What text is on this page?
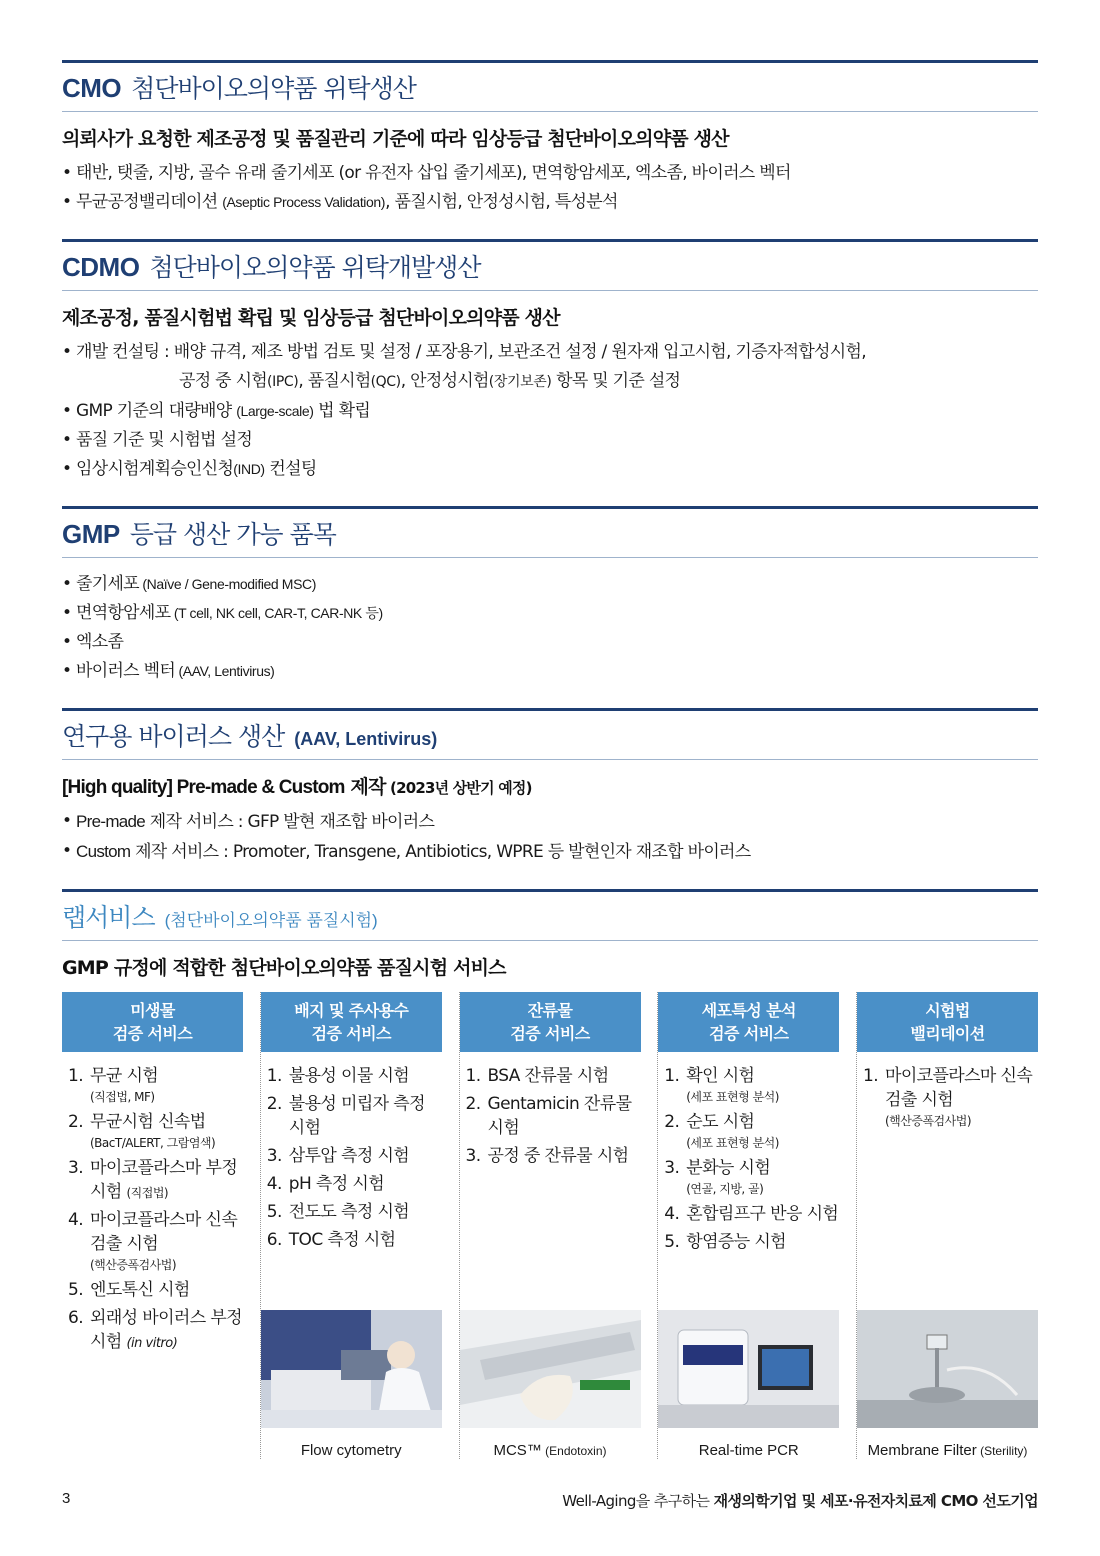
CMO 첨단바이오의약품 위탁생산
의뢰사가 요청한 제조공정 및 품질관리 기준에 따라 임상등급 첨단바이오의약품 생산
• 태반, 탯줄, 지방, 골수 유래 줄기세포 (or 유전자 삽입 줄기세포), 면역항암세포, 엑소좀, 바이러스 벡터
• 무균공정밸리데이션 (Aseptic Process Validation), 품질시험, 안정성시험, 특성분석
CDMO 첨단바이오의약품 위탁개발생산
제조공정, 품질시험법 확립 및 임상등급 첨단바이오의약품 생산
• 개발 컨설팅 : 배양 규격, 제조 방법 검토 및 설정 / 포장용기, 보관조건 설정 / 원자재 입고시험, 기증자적합성시험,
공정 중 시험(IPC), 품질시험(QC), 안정성시험(장기보존) 항목 및 기준 설정
• GMP 기준의 대량배양 (Large-scale) 법 확립
• 품질 기준 및 시험법 설정
• 임상시험계획승인신청(IND) 컨설팅
GMP 등급 생산 가능 품목
• 줄기세포 (Naïve / Gene-modified MSC)
• 면역항암세포 (T cell, NK cell, CAR-T, CAR-NK 등)
• 엑소좀
• 바이러스 벡터 (AAV, Lentivirus)
연구용 바이러스 생산 (AAV, Lentivirus)
[High quality] Pre-made & Custom 제작 (2023년 상반기 예정)
• Pre-made 제작 서비스 : GFP 발현 재조합 바이러스
• Custom 제작 서비스 : Promoter, Transgene, Antibiotics, WPRE 등 발현인자 재조합 바이러스
랩서비스 (첨단바이오의약품 품질시험)
GMP 규정에 적합한 첨단바이오의약품 품질시험 서비스
미생물
검증 서비스
1. 무균 시험
(직접법, MF)
2. 무균시험 신속법
(BacT/ALERT, 그람염색)
3. 마이코플라스마 부정 시험 (직접법)
4. 마이코플라스마 신속검출 시험
(핵산증폭검사법)
5. 엔도톡신 시험
6. 외래성 바이러스 부정시험 (in vitro)
배지 및 주사용수
검증 서비스
1. 불용성 이물 시험
2. 불용성 미립자 측정 시험
3. 삼투압 측정 시험
4. pH 측정 시험
5. 전도도 측정 시험
6. TOC 측정 시험
Flow cytometry
잔류물
검증 서비스
1. BSA 잔류물 시험
2. Gentamicin 잔류물 시험
3. 공정 중 잔류물 시험
MCS™ (Endotoxin)
세포특성 분석
검증 서비스
1. 확인 시험
(세포 표현형 분석)
2. 순도 시험
(세포 표현형 분석)
3. 분화능 시험
(연골, 지방, 골)
4. 혼합림프구 반응 시험
5. 항염증능 시험
Real-time PCR
시험법
밸리데이션
1. 마이코플라스마 신속검출 시험
(핵산증폭검사법)
Membrane Filter (Sterility)
3	Well-Aging을 추구하는 재생의학기업 및 세포·유전자치료제 CMO 선도기업
